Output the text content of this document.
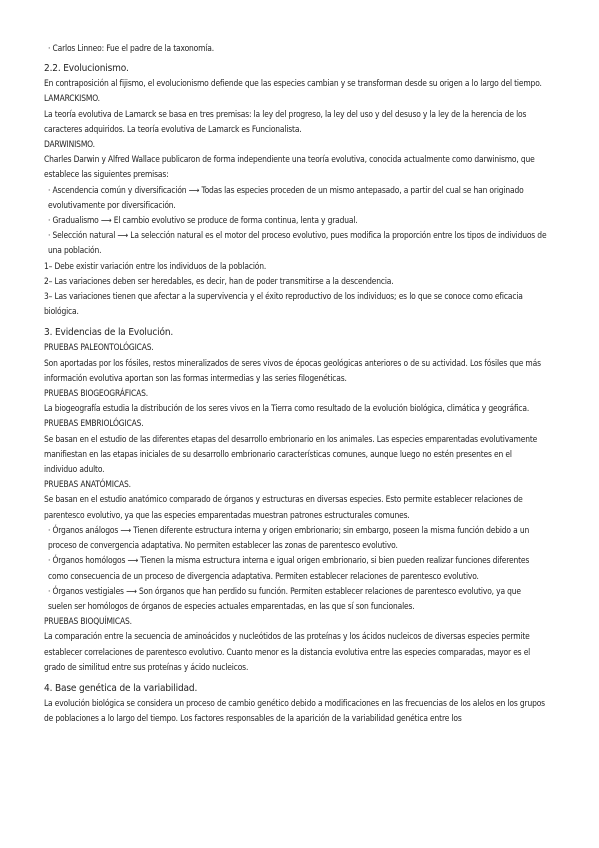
· Carlos Linneo: Fue el padre de la taxonomía.

2.2. Evolucionismo.

En contraposición al fijismo, el evolucionismo defiende que las especies cambian y se transforman desde su origen a lo largo del tiempo.

LAMARCKISMO.

La teoría evolutiva de Lamarck se basa en tres premisas: la ley del progreso, la ley del uso y del desuso y la ley de la herencia de los caracteres adquiridos. La teoría evolutiva de Lamarck es Funcionalista.

DARWINISMO.

Charles Darwin y Alfred Wallace publicaron de forma independiente una teoría evolutiva, conocida actualmente como darwinismo, que establece las siguientes premisas:

· Ascendencia común y diversificación ⟶ Todas las especies proceden de un mismo antepasado, a partir del cual se han originado evolutivamente por diversificación.

· Gradualismo ⟶ El cambio evolutivo se produce de forma continua, lenta y gradual.

· Selección natural ⟶ La selección natural es el motor del proceso evolutivo, pues modifica la proporción entre los tipos de individuos de una población.

1– Debe existir variación entre los individuos de la población.

2– Las variaciones deben ser heredables, es decir, han de poder transmitirse a la descendencia.

3– Las variaciones tienen que afectar a la supervivencia y el éxito reproductivo de los individuos; es lo que se conoce como eficacia biológica.

3. Evidencias de la Evolución.

PRUEBAS PALEONTOLÓGICAS.

Son aportadas por los fósiles, restos mineralizados de seres vivos de épocas geológicas anteriores o de su actividad. Los fósiles que más información evolutiva aportan son las formas intermedias y las series filogenéticas.

PRUEBAS BIOGEOGRÁFICAS.

La biogeografía estudia la distribución de los seres vivos en la Tierra como resultado de la evolución biológica, climática y geográfica.

PRUEBAS EMBRIOLÓGICAS.

Se basan en el estudio de las diferentes etapas del desarrollo embrionario en los animales. Las especies emparentadas evolutivamente manifiestan en las etapas iniciales de su desarrollo embrionario características comunes, aunque luego no estén presentes en el individuo adulto.

PRUEBAS ANATÓMICAS.

Se basan en el estudio anatómico comparado de órganos y estructuras en diversas especies. Esto permite establecer relaciones de parentesco evolutivo, ya que las especies emparentadas muestran patrones estructurales comunes.

· Órganos análogos ⟶ Tienen diferente estructura interna y origen embrionario; sin embargo, poseen la misma función debido a un proceso de convergencia adaptativa. No permiten establecer las zonas de parentesco evolutivo.

· Órganos homólogos ⟶ Tienen la misma estructura interna e igual origen embrionario, si bien pueden realizar funciones diferentes como consecuencia de un proceso de divergencia adaptativa. Permiten establecer relaciones de parentesco evolutivo.

· Órganos vestigiales ⟶ Son órganos que han perdido su función. Permiten establecer relaciones de parentesco evolutivo, ya que suelen ser homólogos de órganos de especies actuales emparentadas, en las que sí son funcionales.

PRUEBAS BIOQUÍMICAS.

La comparación entre la secuencia de aminoácidos y nucleótidos de las proteínas y los ácidos nucleicos de diversas especies permite establecer correlaciones de parentesco evolutivo. Cuanto menor es la distancia evolutiva entre las especies comparadas, mayor es el grado de similitud entre sus proteínas y ácido nucleicos.

4. Base genética de la variabilidad.

La evolución biológica se considera un proceso de cambio genético debido a modificaciones en las frecuencias de los alelos en los grupos de poblaciones a lo largo del tiempo. Los factores responsables de la aparición de la variabilidad genética entre los
